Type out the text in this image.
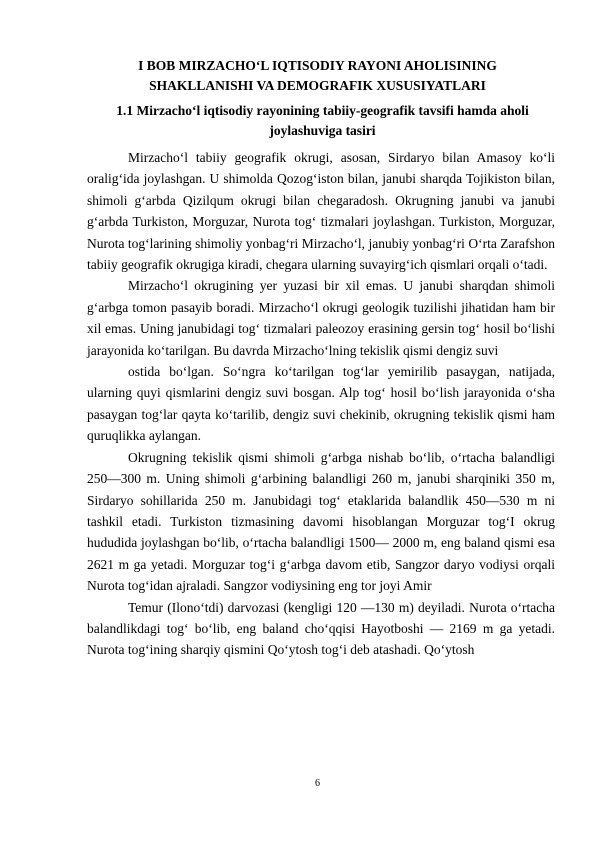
I BOB MIRZACHO‘L IQTISODIY RAYONI AHOLISINING
SHAKLLANISHI VA DEMOGRAFIK XUSUSIYATLARI
1.1 Mirzacho‘l iqtisodiy rayonining tabiiy-geografik tavsifi hamda aholi
joylashuviga tasiri

Mirzacho‘l tabiiy geografik okrugi, asosan, Sirdaryo bilan Amasoy ko‘li oralig‘ida joylashgan. U shimolda Qozog‘iston bilan, janubi sharqda Tojikiston bilan, shimoli g‘arbda Qizilqum okrugi bilan chegaradosh. Okrugning janubi va janubi g‘arbda Turkiston, Morguzar, Nurota tog‘ tizmalari joylashgan. Turkiston, Morguzar, Nurota tog‘larining shimoliy yonbag‘ri Mirzacho‘l, janubiy yonbag‘ri O‘rta Zarafshon tabiiy geografik okrugiga kiradi, chegara ularning suvayirg‘ich qismlari orqali o‘tadi.

Mirzacho‘l okrugining yer yuzasi bir xil emas. U janubi sharqdan shimoli g‘arbga tomon pasayib boradi. Mirzacho‘l okrugi geologik tuzilishi jihatidan ham bir xil emas. Uning janubidagi tog‘ tizmalari paleozoy erasining gersin tog‘ hosil bo‘lishi jarayonida ko‘tarilgan. Bu davrda Mirzacho‘lning tekislik qismi dengiz suvi

ostida bo‘lgan. So‘ngra ko‘tarilgan tog‘lar yemirilib pasaygan, natijada, ularning quyi qismlarini dengiz suvi bosgan. Alp tog‘ hosil bo‘lish jarayonida o‘sha pasaygan tog‘lar qayta ko‘tarilib, dengiz suvi chekinib, okrugning tekislik qismi ham quruqlikka aylangan.

Okrugning tekislik qismi shimoli g‘arbga nishab bo‘lib, o‘rtacha balandligi 250—300 m. Uning shimoli g‘arbining balandligi 260 m, janubi sharqiniki 350 m, Sirdaryo sohillarida 250 m. Janubidagi tog‘ etaklarida balandlik 450—530 m ni tashkil etadi. Turkiston tizmasining davomi hisoblangan Morguzar tog‘I okrug hududida joylashgan bo‘lib, o‘rtacha balandligi 1500— 2000 m, eng baland qismi esa 2621 m ga yetadi. Morguzar tog‘i g‘arbga davom etib, Sangzor daryo vodiysi orqali Nurota tog‘idan ajraladi. Sangzor vodiysining eng tor joyi Amir

Temur (Ilono‘tdi) darvozasi (kengligi 120 —130 m) deyiladi. Nurota o‘rtacha balandlikdagi tog‘ bo‘lib, eng baland cho‘qqisi Hayotboshi — 2169 m ga yetadi. Nurota tog‘ining sharqiy qismini Qo‘ytosh tog‘i deb atashadi. Qo‘ytosh

6
